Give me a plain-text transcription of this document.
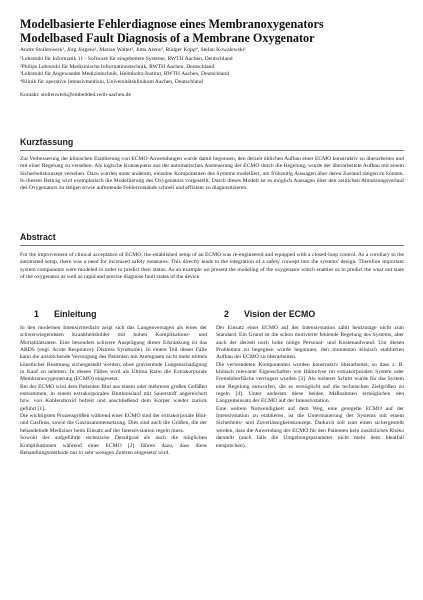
Modelbasierte Fehlerdiagnose eines Membranoxygenators
Modelbased Fault Diagnosis of a Membrane Oxygenator
Andre Stollenwerk¹, Jörg Jörgens¹, Marian Walter², Jutta Arens³, Rüdger Kopp⁴, Stefan Kowalewski¹
¹Lehrstuhl für Informatik 11 - Software für eingebettete Systeme, RWTH Aachen, Deutschland
²Philips Lehrstuhl für Medizinische Informationstechnik, RWTH Aachen, Deutschland
³Lehrstuhl für Angewandte Medizintechnik, Helmholtz-Institut, RWTH Aachen, Deutschland
⁴Klinik für operative Intensivmedizin, Universitätsklinikum Aachen, Deutschland
Kontakt: stollenwerk@embedded.rwth-aachen.de
Kurzfassung
Zur Verbesserung der klinischen Etablierung von ECMO-Anwendungen wurde damit begonnen, den derzeit üblichen Aufbau einer ECMO konstruktiv zu überarbeiten und mit einer Regelung zu versehen. Als logische Konsequenz aus der automatischen Ansteuerung der ECMO durch die Regelung, wurde der überarbeitete Aufbau mit einem Sicherheitskonzept versehen. Dazu wurden unter anderem, einzelne Komponenten des Systems modelliert, um frühzeitig Aussagen über deren Zustand tätigen zu können. In diesem Beitrag wird exemplarisch die Modellierung des Oxygenators vorgestellt. Durch dieses Modell ist es möglich Aussagen über den zeitlichen Abnutzungsverlauf des Oxygenators zu tätigen sowie auftretende Fehlerzustände schnell und effizient zu diagnostizieren.
Abstract
For the improvement of clinical acceptance of ECMO, the established setup of an ECMO was re-engineered and equipped with a closed-loop control. As a corollary to the automated setup, there was a need for increased safety measures. This directly leads to the integration of a safety concept into the systems' design. Therefore important system components were modeled in order to predict their status. As an example we present the modeling of the oxygenator which enables us to predict the wear out state of the oxygenator as well as rapid and precise diagnose fault states of the device.
1 Einleitung

In den modernen Intensivmedizin zeigt sich das Lungenversagen als eines der schwerwiegendsten Krankheitsbilder mit hohen Komplikations- und Mortalitätsraten. Eine besonders schwere Ausprägung dieser Erkrankung ist das ARDS (engl. Acute Respiratory Distress Syndrome). In einem Teil dieser Fälle kann die ausreichende Versorgung des Patienten mit Atemgasen nicht mehr mittels künstlicher Beatmung sichergestellt werden, ohne gravierende Lungenschädigung in Kauf zu nehmen. In diesen Fällen wird als Ultima Ratio die Extrakorporale Membranoxygenierung (ECMO) eingesetzt.

Bei der ECMO wird dem Patienten Blut aus einem oder mehreren großen Gefäßen entnommen, in einem extrakorporalen Blutkreislauf mit Sauerstoff angereichert bzw. von Kohlendioxid befreit und anschließend dem Körper wieder zurück geführt [1].

Die wichtigsten Prozessgrößen während einer ECMO sind der extrakorporale Blut- und Gasfluss, sowie die Gaszusammensetzung. Dies sind auch die Größen, die der behandelnde Mediziner beim Einsatz auf der Intensivstation regeln muss.

Sowohl der aufgeführte technische Detailgrad als auch die möglichen Komplikationen während einer ECMO [2] führen dazu, dass diese Behandlungsmethode nur in sehr wenigen Zentren eingesetzt wird.

2 Vision der ECMO

Der Einsatz einer ECMO auf der Intensivstation zählt heutzutage nicht zum Standard. Ein Grund ist die schon motivierte fehlende Regelung des Systems, aber auch der derzeit noch hohe nötige Personal- und Kostenaufwand. Um diesen Problemen zu begegnen wurde begonnen, den momentan klinisch etablierten Aufbau der ECMO zu überarbeiten.

Die verwendeten Komponenten wurden konstruktiv überarbeitet, so dass z. B. klinisch relevante Eigenschaften wie Hämolyse im extrakorporalen System oder Fremdoberfläche verringert wurden [3]. Als weiterer Schritt wurde für das System eine Regelung entworfen, die es ermöglicht auf die technischen Zielgrößen zu regeln [4]. Unter anderem diese beiden Maßnahmen ermöglichen den Langzeiteinsatz der ECMO auf der Intensivstation.

Eine weitere Notwendigkeit auf dem Weg, eine geregelte ECMO auf der Intensivstation zu etablieren, ist die Untermauerung des Systems mit einem Sicherheits- und Zuverlässigkeitskonzept. Dadurch soll zum einen sichergestellt werden, dass die Anwendung der ECMO für den Patienten kein zusätzliches Risiko darstellt (auch falls die Umgebungsparameter nicht mehr dem Idealfall entsprechen).
